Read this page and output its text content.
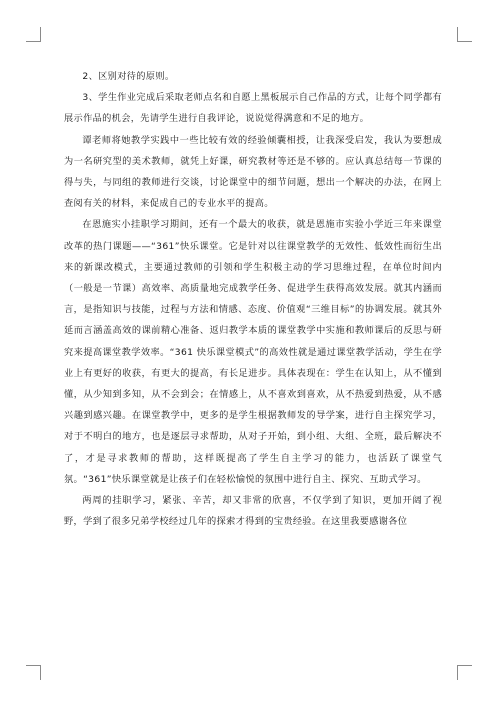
2、区别对待的原则。

3、学生作业完成后采取老师点名和自愿上黑板展示自己作品的方式，让每个同学都有展示作品的机会，先请学生进行自我评论，说说觉得满意和不足的地方。

谭老师将她教学实践中一些比较有效的经验倾囊相授，让我深受启发，我认为要想成为一名研究型的美术教师，就凭上好课，研究教材等还是不够的。应认真总结每一节课的得与失，与同组的教师进行交谈，讨论课堂中的细节问题，想出一个解决的办法，在网上查阅有关的材料，来促成自己的专业水平的提高。

在恩施实小挂职学习期间，还有一个最大的收获，就是恩施市实验小学近三年来课堂改革的热门课题——“361”快乐课堂。它是针对以往课堂教学的无效性、低效性而衍生出来的新课改模式，主要通过教师的引领和学生积极主动的学习思维过程，在单位时间内（一般是一节课）高效率、高质量地完成教学任务、促进学生获得高效发展。就其内涵而言，是指知识与技能，过程与方法和情感、态度、价值观“三维目标”的协调发展。就其外延而言涵盖高效的课前精心准备、返归教学本质的课堂教学中实施和教师课后的反思与研究来提高课堂教学效率。“361 快乐课堂模式”的高效性就是通过课堂教学活动，学生在学业上有更好的收获，有更大的提高，有长足进步。具体表现在：学生在认知上，从不懂到懂，从少知到多知，从不会到会；在情感上，从不喜欢到喜欢，从不热爱到热爱，从不感兴趣到感兴趣。在课堂教学中，更多的是学生根据教师发的导学案，进行自主探究学习，对于不明白的地方，也是逐层寻求帮助，从对子开始，到小组、大组、全班，最后解决不了，才是寻求教师的帮助，这样既提高了学生自主学习的能力，也活跃了课堂气氛。“361”快乐课堂就是让孩子们在轻松愉悦的氛围中进行自主、探究、互助式学习。

两周的挂职学习，紧张、辛苦，却又非常的欣喜，不仅学到了知识，更加开阔了视野，学到了很多兄弟学校经过几年的探索才得到的宝贵经验。在这里我要感谢各位
